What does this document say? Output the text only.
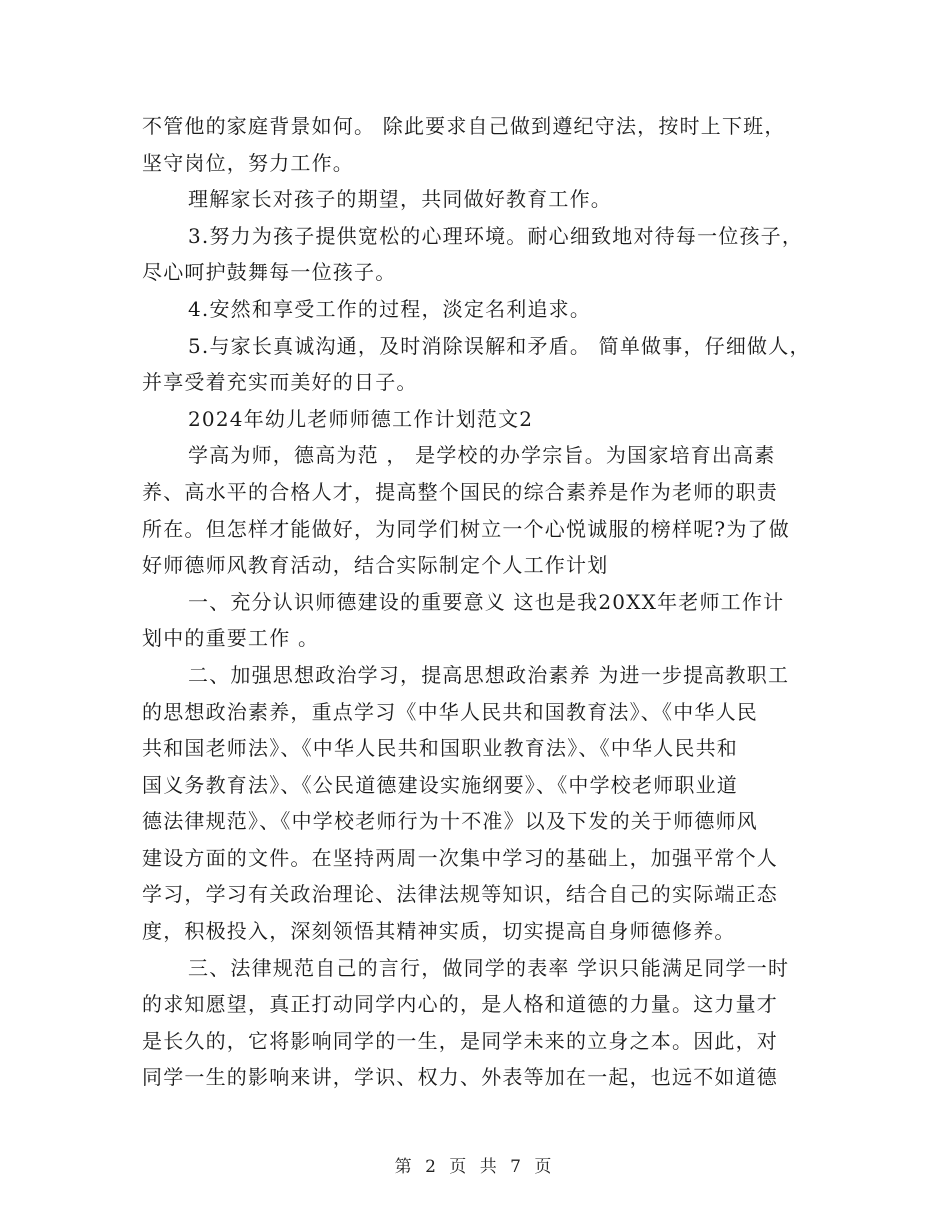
不管他的家庭背景如何。 除此要求自己做到遵纪守法，按时上下班，
坚守岗位，努力工作。
理解家长对孩子的期望，共同做好教育工作。
3.努力为孩子提供宽松的心理环境。耐心细致地对待每一位孩子，
尽心呵护鼓舞每一位孩子。
4.安然和享受工作的过程，淡定名利追求。
5.与家长真诚沟通，及时消除误解和矛盾。 简单做事，仔细做人，
并享受着充实而美好的日子。
2024年幼儿老师师德工作计划范文2
学高为师，德高为范 ， 是学校的办学宗旨。为国家培育出高素
养、高水平的合格人才，提高整个国民的综合素养是作为老师的职责
所在。但怎样才能做好，为同学们树立一个心悦诚服的榜样呢?为了做
好师德师风教育活动，结合实际制定个人工作计划
一、充分认识师德建设的重要意义 这也是我20XX年老师工作计
划中的重要工作 。
二、加强思想政治学习，提高思想政治素养 为进一步提高教职工
的思想政治素养，重点学习《中华人民共和国教育法》、《中华人民
共和国老师法》、《中华人民共和国职业教育法》、《中华人民共和
国义务教育法》、《公民道德建设实施纲要》、《中学校老师职业道
德法律规范》、《中学校老师行为十不准》以及下发的关于师德师风
建设方面的文件。在坚持两周一次集中学习的基础上，加强平常个人
学习，学习有关政治理论、法律法规等知识，结合自己的实际端正态
度，积极投入，深刻领悟其精神实质，切实提高自身师德修养。
三、法律规范自己的言行，做同学的表率 学识只能满足同学一时
的求知愿望，真正打动同学内心的，是人格和道德的力量。这力量才
是长久的，它将影响同学的一生，是同学未来的立身之本。因此，对
同学一生的影响来讲，学识、权力、外表等加在一起，也远不如道德
第 2 页 共 7 页
